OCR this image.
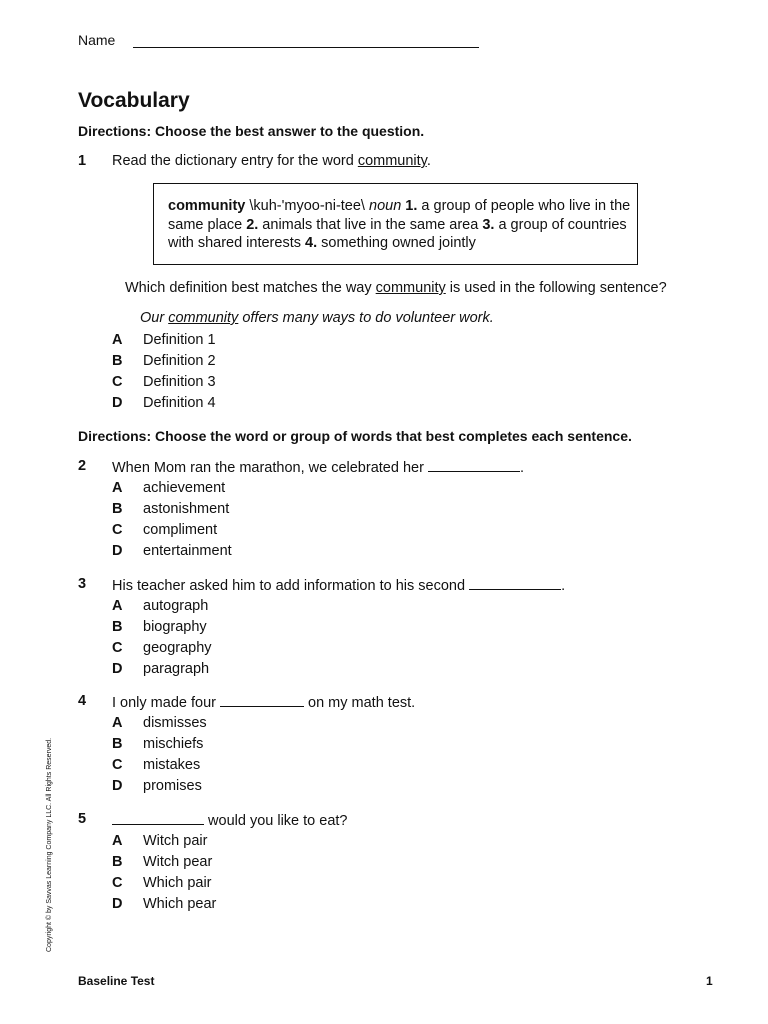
Name
Vocabulary
Directions: Choose the best answer to the question.
1 Read the dictionary entry for the word community.
community \kuh-'myoo-ni-tee\ noun 1. a group of people who live in the same place 2. animals that live in the same area 3. a group of countries with shared interests 4. something owned jointly
Which definition best matches the way community is used in the following sentence?
Our community offers many ways to do volunteer work.
A	Definition 1
B	Definition 2
C	Definition 3
D	Definition 4
Directions: Choose the word or group of words that best completes each sentence.
2 When Mom ran the marathon, we celebrated her	.
A	achievement
B	astonishment
C	compliment
D	entertainment
3 His teacher asked him to add information to his second	.
A	autograph
B	biography
C	geography
D	paragraph
4 I only made four	on my math test.
A	dismisses
B	mischiefs
C	mistakes
D	promises
5	would you like to eat?
A	Witch pair
B	Witch pear
C	Which pair
D	Which pear
Copyright © by Savvas Learning Company LLC. All Rights Reserved.
Baseline Test	1
